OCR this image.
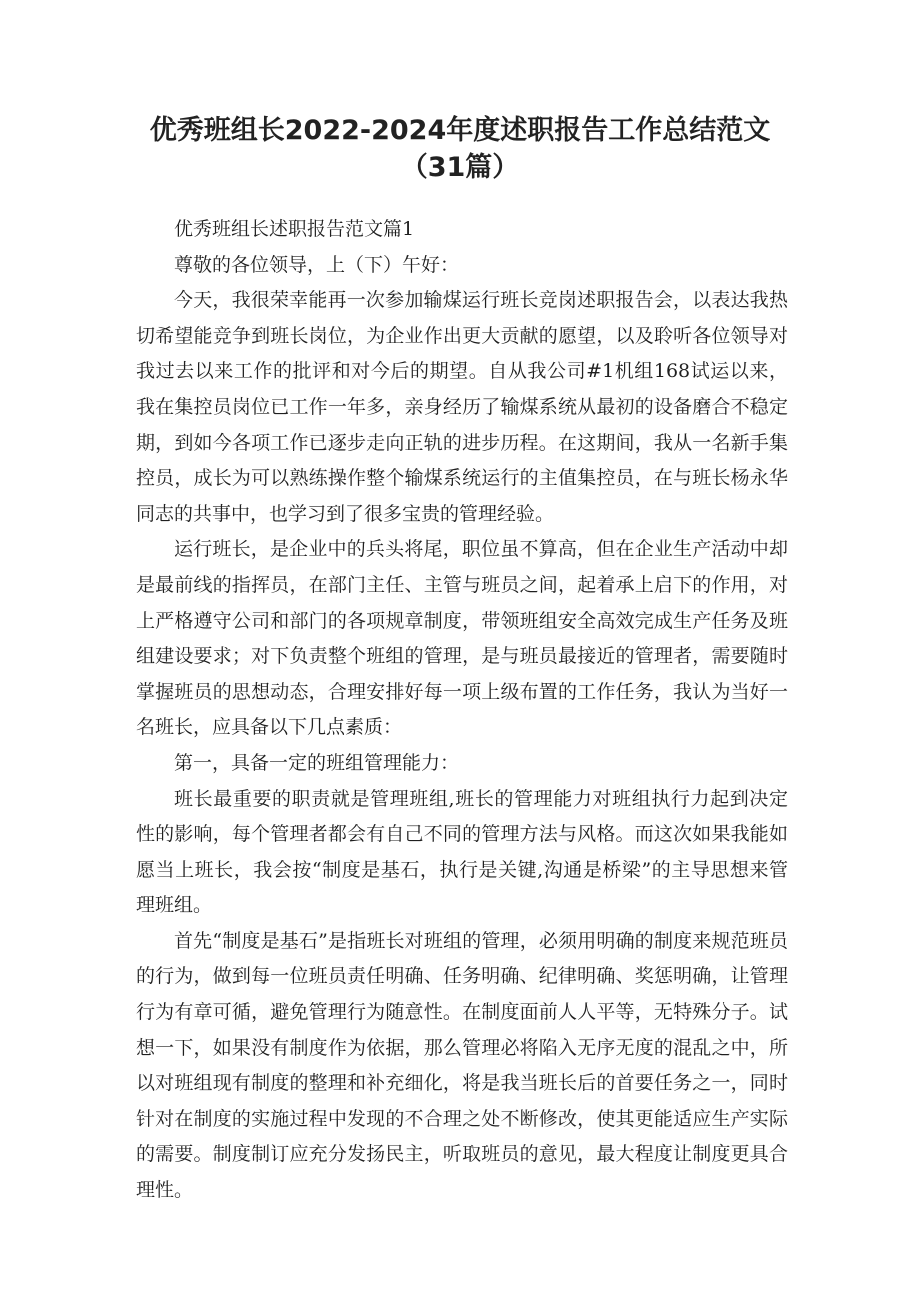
优秀班组长2022-2024年度述职报告工作总结范文
（31篇）

优秀班组长述职报告范文篇1

尊敬的各位领导，上（下）午好：

今天，我很荣幸能再一次参加输煤运行班长竞岗述职报告会，以表达我热切希望能竞争到班长岗位，为企业作出更大贡献的愿望，以及聆听各位领导对我过去以来工作的批评和对今后的期望。自从我公司#1机组168试运以来，我在集控员岗位已工作一年多，亲身经历了输煤系统从最初的设备磨合不稳定期，到如今各项工作已逐步走向正轨的进步历程。在这期间，我从一名新手集控员，成长为可以熟练操作整个输煤系统运行的主值集控员，在与班长杨永华同志的共事中，也学习到了很多宝贵的管理经验。

运行班长，是企业中的兵头将尾，职位虽不算高，但在企业生产活动中却是最前线的指挥员，在部门主任、主管与班员之间，起着承上启下的作用，对上严格遵守公司和部门的各项规章制度，带领班组安全高效完成生产任务及班组建设要求；对下负责整个班组的管理，是与班员最接近的管理者，需要随时掌握班员的思想动态，合理安排好每一项上级布置的工作任务，我认为当好一名班长，应具备以下几点素质：

第一，具备一定的班组管理能力：

班长最重要的职责就是管理班组,班长的管理能力对班组执行力起到决定性的影响，每个管理者都会有自己不同的管理方法与风格。而这次如果我能如愿当上班长，我会按“制度是基石，执行是关键,沟通是桥梁”的主导思想来管理班组。

首先“制度是基石”是指班长对班组的管理，必须用明确的制度来规范班员的行为，做到每一位班员责任明确、任务明确、纪律明确、奖惩明确，让管理行为有章可循，避免管理行为随意性。在制度面前人人平等，无特殊分子。试想一下，如果没有制度作为依据，那么管理必将陷入无序无度的混乱之中，所以对班组现有制度的整理和补充细化，将是我当班长后的首要任务之一，同时针对在制度的实施过程中发现的不合理之处不断修改，使其更能适应生产实际的需要。制度制订应充分发扬民主，听取班员的意见，最大程度让制度更具合理性。
